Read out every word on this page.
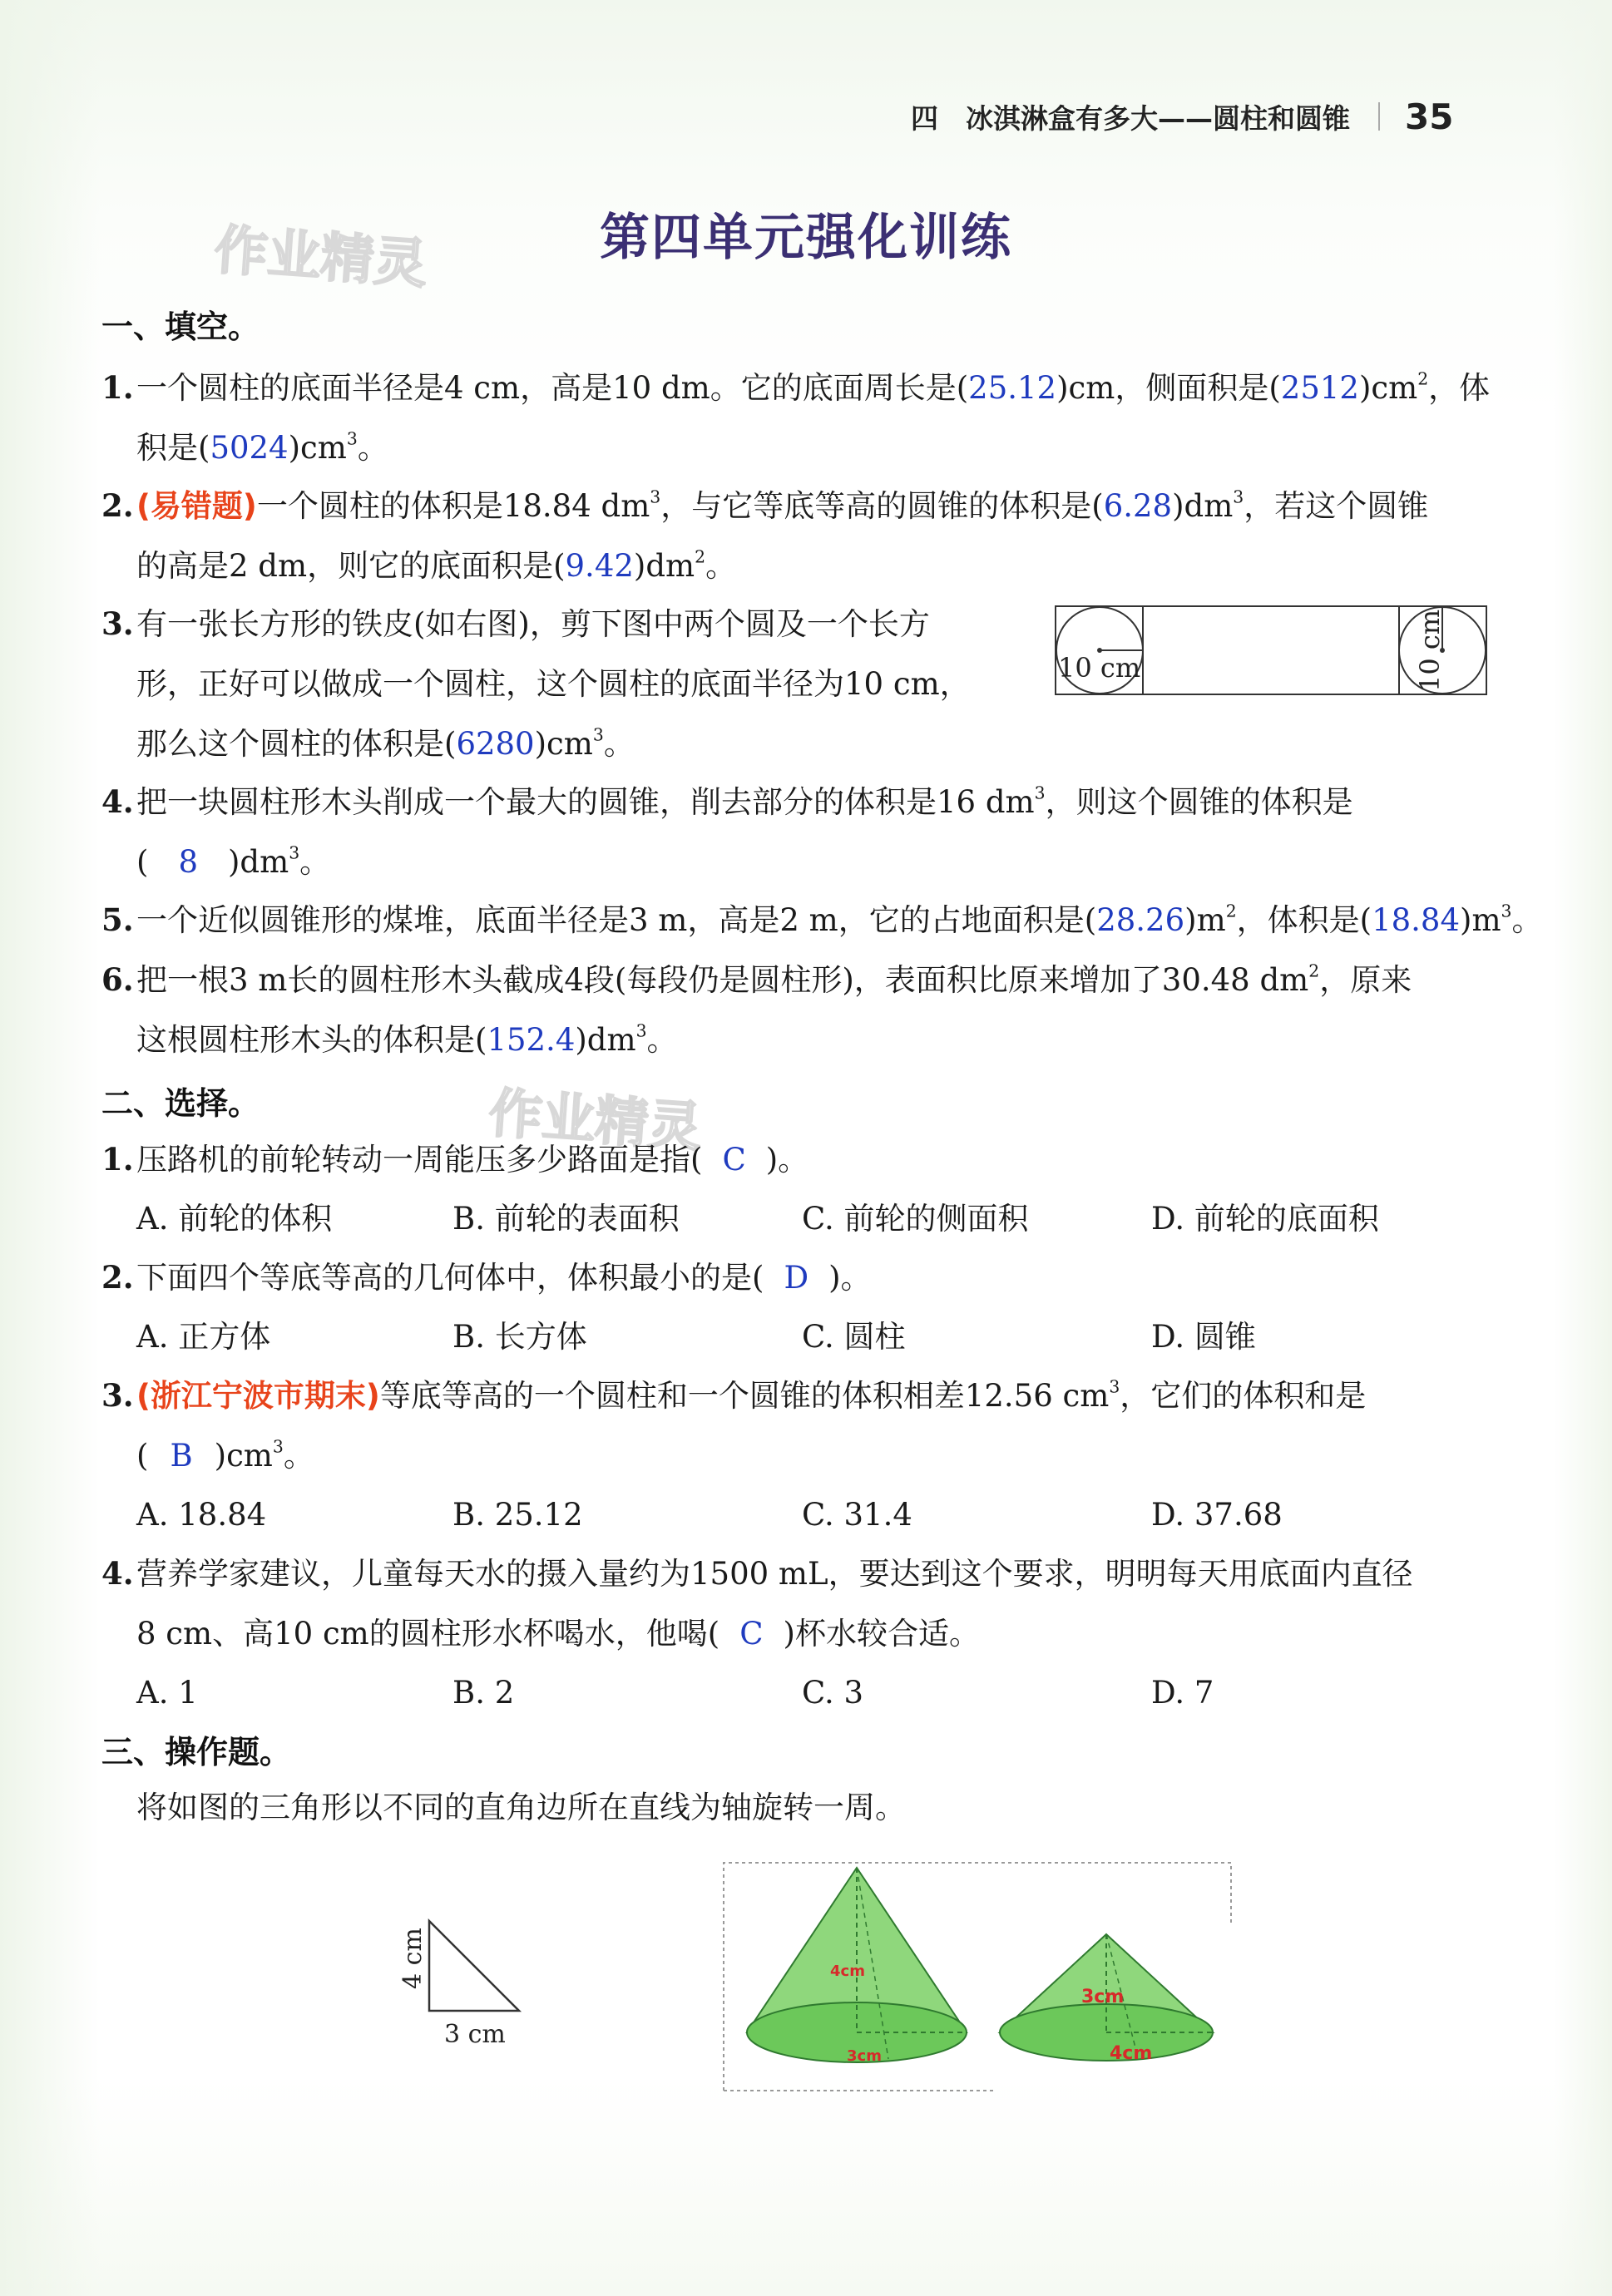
四　冰淇淋盒有多大——圆柱和圆锥 35
作业精灵
作业精灵
第四单元强化训练
一、填空。
1.一个圆柱的底面半径是4 cm，高是10 dm。它的底面周长是(25.12)cm，侧面积是$(2512)cm^2$，体
积是$(5024)cm^3$。
2.(易错题)一个圆柱的体积是18.84 $dm^3$，与它等底等高的圆锥的体积是$(6.28)dm^3$，若这个圆锥
的高是2 dm，则它的底面积是$(9.42)dm^2$。
3.有一张长方形的铁皮(如右图)，剪下图中两个圆及一个长方
形，正好可以做成一个圆柱，这个圆柱的底面半径为10 cm，
那么这个圆柱的体积是$(6280)cm^3$。
10 cm	10 cm
4.把一块圆柱形木头削成一个最大的圆锥，削去部分的体积是16 $dm^3$，则这个圆锥的体积是
( 8 )$dm^3$。
5.一个近似圆锥形的煤堆，底面半径是3 m，高是2 m，它的占地面积是$(28.26)m^2$，体积是$(18.84)m^3$。
6.把一根3 m长的圆柱形木头截成4段(每段仍是圆柱形)，表面积比原来增加了30.48 $dm^2$，原来
这根圆柱形木头的体积是$(152.4)dm^3$。
二、选择。
1.压路机的前轮转动一周能压多少路面是指( C )。
A. 前轮的体积	B. 前轮的表面积	C. 前轮的侧面积	D. 前轮的底面积
2.下面四个等底等高的几何体中，体积最小的是( D )。
A. 正方体	B. 长方体	C. 圆柱	D. 圆锥
3.(浙江宁波市期末)等底等高的一个圆柱和一个圆锥的体积相差12.56 $cm^3$，它们的体积和是
( B )$cm^3$。
A. 18.84	B. 25.12	C. 31.4	D. 37.68
4.营养学家建议，儿童每天水的摄入量约为1500 mL，要达到这个要求，明明每天用底面内直径
8 cm、高10 cm的圆柱形水杯喝水，他喝( C )杯水较合适。
A. 1	B. 2	C. 3	D. 7
三、操作题。
将如图的三角形以不同的直角边所在直线为轴旋转一周。
4 cm
3 cm
4cm
3cm
3cm
4cm
